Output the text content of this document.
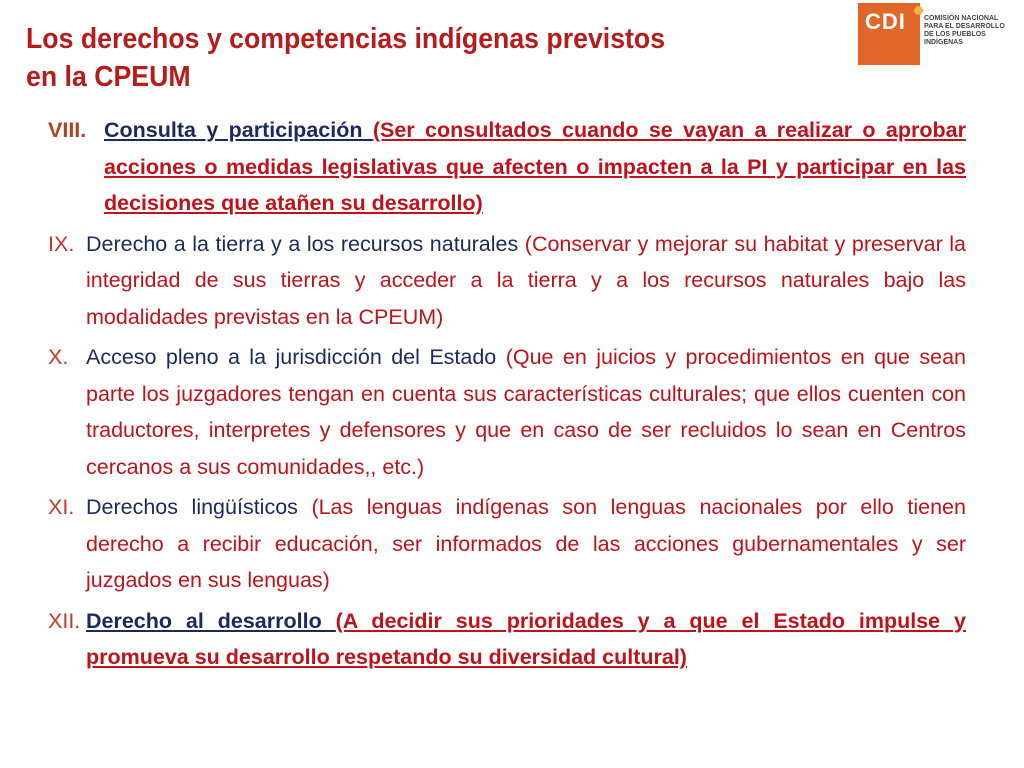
Los derechos y competencias indígenas previstos
en la CPEUM
CDI	COMISIÓN NACIONAL
PARA EL DESARROLLO
DE LOS PUEBLOS INDÍGENAS
VIII. Consulta y participación (Ser consultados cuando se vayan a realizar o aprobar acciones o medidas legislativas que afecten o impacten a la PI y participar en las decisiones que atañen su desarrollo)
IX. Derecho a la tierra y a los recursos naturales (Conservar y mejorar su habitat y preservar la integridad de sus tierras y acceder a la tierra y a los recursos naturales bajo las modalidades previstas en la CPEUM)
X. Acceso pleno a la jurisdicción del Estado (Que en juicios y procedimientos en que sean parte los juzgadores tengan en cuenta sus características culturales; que ellos cuenten con traductores, interpretes y defensores y que en caso de ser recluidos lo sean en Centros cercanos a sus comunidades,, etc.)
XI. Derechos lingüísticos (Las lenguas indígenas son lenguas nacionales por ello tienen derecho a recibir educación, ser informados de las acciones gubernamentales y ser juzgados en sus lenguas)
XII. Derecho al desarrollo (A decidir sus prioridades y a que el Estado impulse y promueva su desarrollo respetando su diversidad cultural)
